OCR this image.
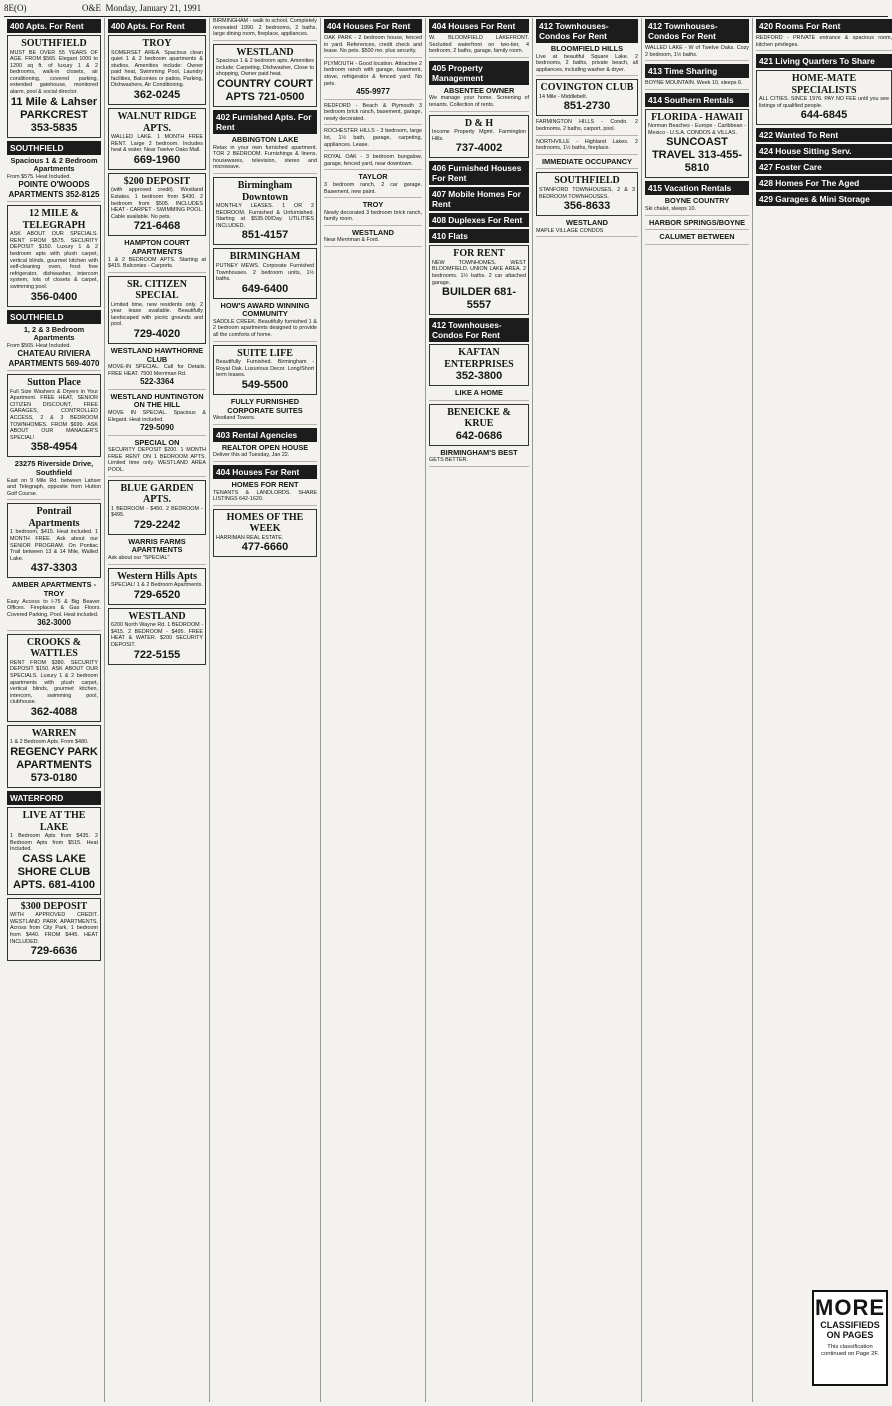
8E(O)	O&E Monday, January 21, 1991
400 Apts. For Rent
SOUTHFIELD
MUST BE OVER 55 YEARS OF AGE. FROM $565. Elegant 1000 to 1200 sq ft. of luxury 1 & 2 bedrooms, walk-in closets, air conditioning, covered parking, extended gatehouse, monitored alarm, pool & social director.
11 Mile & Lahser PARKCREST 353-5835
SOUTHFIELD
Spacious 1 & 2 Bedroom Apartments
From $575. Heat Included.
POINTE O'WOODS APARTMENTS 352-8125
12 MILE & TELEGRAPH
ASK ABOUT OUR SPECIALS. RENT FROM $575. SECURITY DEPOSIT $150. Luxury 1 & 2 bedroom apts with plush carpet, vertical blinds, gourmet kitchen with self-cleaning oven, frost free refrigerator, dishwasher, intercom system, lots of closets & carpet, swimming pool.
356-0400
SOUTHFIELD
1, 2 & 3 Bedroom Apartments
From $565. Heat Included.
CHATEAU RIVIERA APARTMENTS 569-4070
Sutton Place
Full Size Washers & Dryers in Your Apartment. FREE HEAT, SENIOR CITIZEN DISCOUNT, FREE GARAGES, CONTROLLED ACCESS, 2 & 3 BEDROOM TOWNHOMES. FROM $699. ASK ABOUT OUR MANAGER'S SPECIAL!
358-4954
23275 Riverside Drive, Southfield
East on 9 Mile Rd. between Lahser and Telegraph, opposite from Hutton Golf Course.
Pontrail Apartments
1 bedroom, $415. Heat included. 1 MONTH FREE. Ask about our SENIOR PROGRAM. On Pontiac Trail between 13 & 14 Mile, Walled Lake.
437-3303
AMBER APARTMENTS - TROY
Easy Access to I-75 & Big Beaver. Offices. Fireplaces & Gas Floors. Covered Parking. Pool. Heat included.
362-3000
CROOKS & WATTLES
RENT FROM $380. SECURITY DEPOSIT $150. ASK ABOUT OUR SPECIALS. Luxury 1 & 2 bedroom apartments with plush carpet, vertical blinds, gourmet kitchen, intercom, swimming pool, clubhouse.
362-4088
WARREN
1 & 2 Bedroom Apts. From $480.
REGENCY PARK APARTMENTS 573-0180
WATERFORD
LIVE AT THE LAKE
1 Bedroom Apts from $435. 2 Bedroom Apts from $515. Heat Included.
CASS LAKE SHORE CLUB APTS. 681-4100
$300 DEPOSIT
WITH APPROVED CREDIT. WESTLAND PARK APARTMENTS. Across from City Park. 1 bedroom from $440. FROM $445. HEAT INCLUDED.
729-6636
400 Apts. For Rent
TROY
SOMERSET AREA. Spacious clean quiet 1 & 2 bedroom apartments & studios. Amenities include: Owner paid heat, Swimming Pool, Laundry facilities, Balconies or patios, Parking, Dishwashers, Air Conditioning.
362-0245
WALNUT RIDGE APTS.
WALLED LAKE. 1 MONTH FREE RENT. Large 2 bedroom. Includes heat & water. Near Twelve Oaks Mall.
669-1960
$200 DEPOSIT
(with approved credit). Westland Estates. 1 bedroom from $430. 2 bedroom from $505. INCLUDES HEAT - CARPET - SWIMMING POOL. Cable available. No pets.
721-6468
HAMPTON COURT APARTMENTS
1 & 2 BEDROOM APTS. Starting at $415. Balconies - Carports.
SR. CITIZEN SPECIAL
Limited time, new residents only. 2 year lease available. Beautifully landscaped with picnic grounds and pool.
729-4020
WESTLAND HAWTHORNE CLUB
MOVE-IN SPECIAL. Call for Details. FREE HEAT. 7500 Merriman Rd.
522-3364
WESTLAND HUNTINGTON ON THE HILL
MOVE IN SPECIAL. Spacious & Elegant. Heat included.
729-5090
SPECIAL ON
SECURITY DEPOSIT $200. 1 MONTH FREE RENT ON 1 BEDROOM APTS. Limited time only. WESTLAND AREA POOL.
BLUE GARDEN APTS.
1 BEDROOM - $450. 2 BEDROOM - $495.
729-2242
WARRIS FARMS APARTMENTS
Ask about our "SPECIAL"
Western Hills Apts
SPECIAL! 1 & 2 Bedroom Apartments.
729-6520
WESTLAND
6200 North Wayne Rd. 1 BEDROOM - $415. 2 BEDROOM - $495. FREE HEAT & WATER. $200 SECURITY DEPOSIT.
722-5155
BIRMINGHAM - walk to school. Completely renovated 1990. 2 bedrooms, 2 baths, large dining room, fireplace, appliances.
WESTLAND
Spacious 1 & 2 bedroom apts. Amenities include: Carpeting, Dishwasher, Close to shopping, Owner paid heat.
COUNTRY COURT APTS 721-0500
402 Furnished Apts. For Rent
ABBINGTON LAKE
Relax in your own furnished apartment. TOR 2 BEDROOM. Furnishings & linens, housewares, television, stereo and microwave.
Birmingham Downtown
MONTHLY LEASES. 1 OR 2 BEDROOM. Furnished & Unfurnished. Starting at $535.00/Day. UTILITIES INCLUDED.
851-4157
BIRMINGHAM
PUTNEY MEWS. Corporate Furnished Townhouses. 2 bedroom units, 1½ baths.
649-6400
HOW'S AWARD WINNING COMMUNITY
SADDLE CREEK. Beautifully furnished 1 & 2 bedroom apartments designed to provide all the comforts of home.
SUITE LIFE
Beautifully Furnished. Birmingham - Royal Oak. Luxurious Decor. Long/Short term leases.
549-5500
FULLY FURNISHED CORPORATE SUITES
Westland Towers.
403 Rental Agencies
REALTOR OPEN HOUSE
Deliver this ad Tuesday, Jan 22.
404 Houses For Rent
HOMES FOR RENT
TENANTS & LANDLORDS. SHARE LISTINGS 642-1620.
HOMES OF THE WEEK
HARRIMAN REAL ESTATE.
477-6660
404 Houses For Rent
OAK PARK - 2 bedroom house, fenced in yard. References, credit check and lease. No pets. $500 mo. plus security.
PLYMOUTH - Good location. Attractive 2 bedroom ranch with garage, basement, stove, refrigerator & fenced yard. No pets.
455-9977
REDFORD - Beach & Plymouth 3 bedroom brick ranch, basement, garage, newly decorated.
ROCHESTER HILLS - 3 bedroom, large lot, 1½ bath, garage, carpeting, appliances. Lease.
ROYAL OAK - 3 bedroom bungalow, garage, fenced yard, near downtown.
TAYLOR
3 bedroom ranch, 2 car garage. Basement, new paint.
TROY
Newly decorated 3 bedroom brick ranch, family room.
WESTLAND
Near Merriman & Ford.
404 Houses For Rent
W. BLOOMFIELD LAKEFRONT. Secluded waterfront on two-tier, 4 bedroom, 2 baths, garage, family room.
405 Property Management
ABSENTEE OWNER
We manage your home. Screening of tenants. Collection of rents.
D & H
Income Property Mgmt. Farmington Hills.
737-4002
406 Furnished Houses For Rent
407 Mobile Homes For Rent
408 Duplexes For Rent
410 Flats
FOR RENT
NEW TOWNHOMES. WEST BLOOMFIELD. UNION LAKE AREA. 2 bedrooms. 1½ baths. 2 car attached garage.
BUILDER 681-5557
412 Townhouses-Condos For Rent
KAFTAN ENTERPRISES
352-3800
LIKE A HOME
BENEICKE & KRUE
642-0686
BIRMINGHAM'S BEST
GETS BETTER.
412 Townhouses-Condos For Rent
BLOOMFIELD HILLS
Live at beautiful Square Lake. 2 bedrooms, 2 baths, private beach, all appliances, including washer & dryer.
COVINGTON CLUB
14 Mile - Middlebelt.
851-2730
FARMINGTON HILLS - Condo. 2 bedrooms, 2 baths, carport, pool.
NORTHVILLE - Highland Lakes. 2 bedrooms, 1½ baths, fireplace.
IMMEDIATE OCCUPANCY
SOUTHFIELD
STANFORD TOWNHOUSES. 2 & 3 BEDROOM TOWNHOUSES.
356-8633
WESTLAND
MAPLE VILLAGE CONDOS
412 Townhouses-Condos For Rent
WALLED LAKE - W of Twelve Oaks. Cozy 2 bedroom, 1½ baths.
413 Time Sharing
BOYNE MOUNTAIN. Week 10, sleeps 6.
414 Southern Rentals
FLORIDA - HAWAII
Norman Beaches - Europe - Caribbean - Mexico - U.S.A. CONDOS & VILLAS.
SUNCOAST TRAVEL 313-455-5810
415 Vacation Rentals
BOYNE COUNTRY
Ski chalet, sleeps 10.
HARBOR SPRINGS/BOYNE
CALUMET BETWEEN
420 Rooms For Rent
REDFORD - PRIVATE entrance & spacious room, kitchen privileges.
421 Living Quarters To Share
HOME-MATE SPECIALISTS
ALL CITIES. SINCE 1976. PAY NO FEE until you see listings of qualified people.
644-6845
422 Wanted To Rent
424 House Sitting Serv.
427 Foster Care
428 Homes For The Aged
429 Garages & Mini Storage
MORE
CLASSIFIEDS
ON PAGES
This classification continued on Page 2F.
